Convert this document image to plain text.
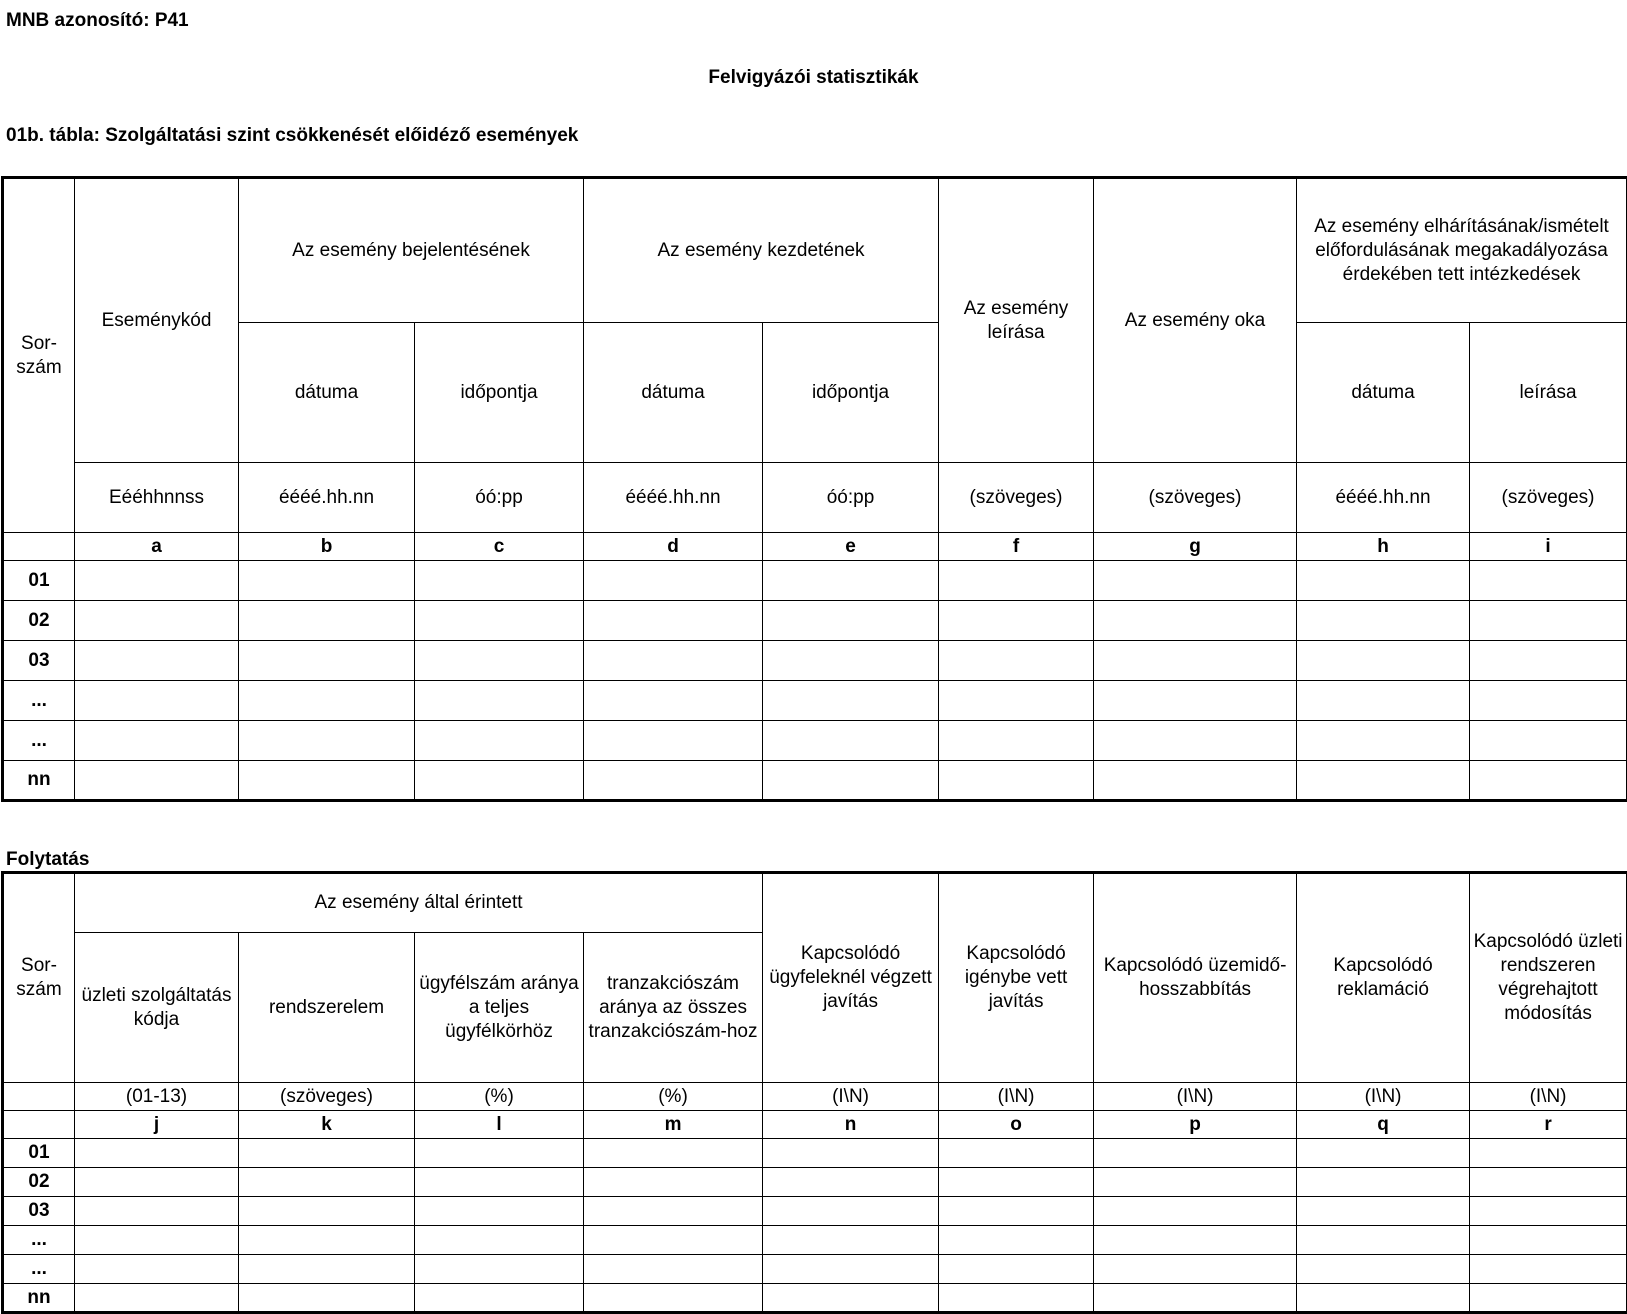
MNB azonosító: P41
Felvigyázói statisztikák
01b. tábla: Szolgáltatási szint csökkenését előidéző események
Sor-szám	Eseménykód	Az esemény bejelentésének		Az esemény kezdetének		Az esemény leírása	Az esemény oka	Az esemény elhárításának/ismételt előfordulásának megakadályozása érdekében tett intézkedések	
		dátuma	időpontja	dátuma	időpontja			dátuma	leírása
	Eééhhnnss	éééé.hh.nn	óó:pp	éééé.hh.nn	óó:pp	(szöveges)	(szöveges)	éééé.hh.nn	(szöveges)
	a	b	c	d	e	f	g	h	i
01									
02									
03									
...									
...									
nn									
Folytatás
Sor-szám	Az esemény által érintett				Kapcsolódó ügyfeleknél végzett javítás	Kapcsolódó igénybe vett javítás	Kapcsolódó üzemidő-hosszabbítás	Kapcsolódó reklamáció	Kapcsolódó üzleti rendszeren végrehajtott módosítás
	üzleti szolgáltatás kódja	rendszerelem	ügyfélszám aránya a teljes ügyfélkörhöz	tranzakciószám aránya az összes tranzakciószám-hoz					
	(01-13)	(szöveges)	(%)	(%)	(I\N)	(I\N)	(I\N)	(I\N)	(I\N)
	j	k	l	m	n	o	p	q	r
01									
02									
03									
...									
...									
nn									
